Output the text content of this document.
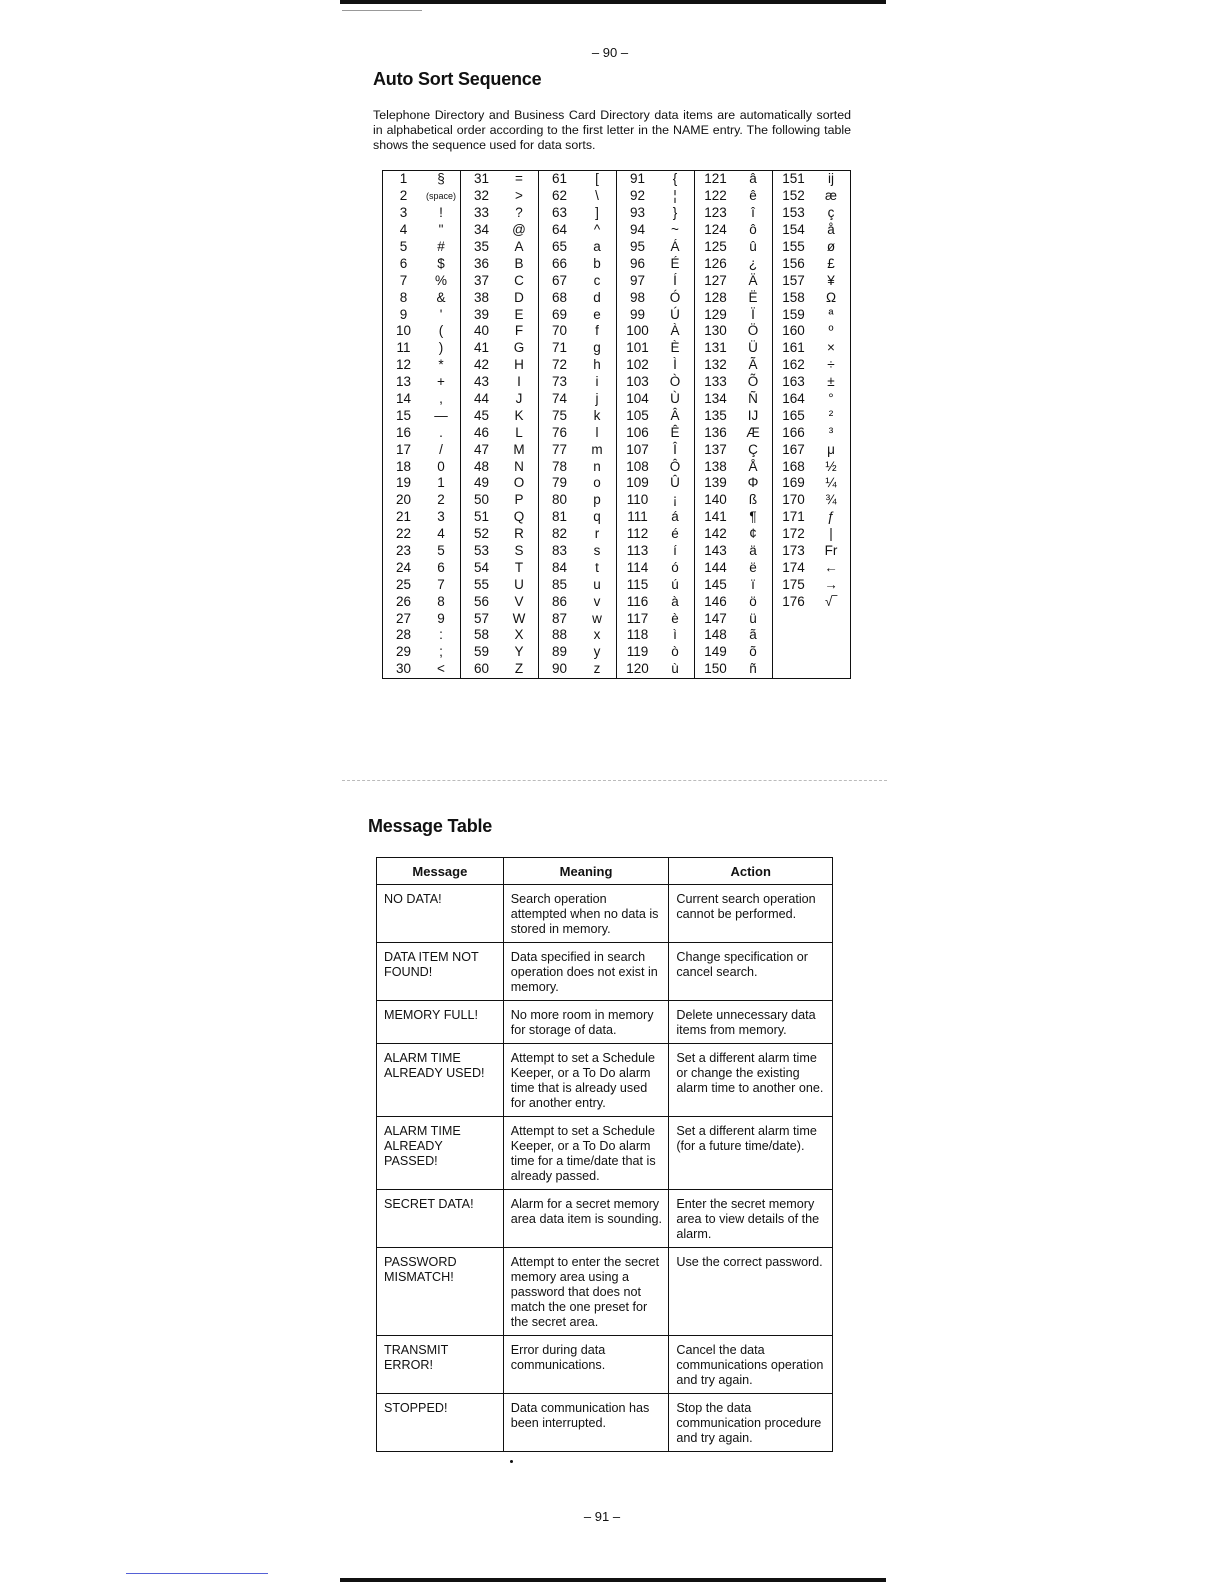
– 90 –
Auto Sort Sequence

Telephone Directory and Business Card Directory data items are automatically sorted in alphabetical order according to the first letter in the NAME entry. The following table shows the sequence used for data sorts.

1	§	31	=	61	[	91	{	121	â	151	ij
2	(space)	32	>	62	\	92	¦	122	ê	152	æ
3	!	33	?	63	]	93	}	123	î	153	ç
4	"	34	@	64	^	94	~	124	ô	154	å
5	#	35	A	65	a	95	Á	125	û	155	ø
6	$	36	B	66	b	96	É	126	¿	156	£
7	%	37	C	67	c	97	Í	127	Ä	157	¥
8	&	38	D	68	d	98	Ó	128	Ë	158	Ω
9	'	39	E	69	e	99	Ú	129	Ï	159	ª
10	(	40	F	70	f	100	À	130	Ö	160	º
11	)	41	G	71	g	101	È	131	Ü	161	×
12	*	42	H	72	h	102	Ì	132	Ã	162	÷
13	+	43	I	73	i	103	Ò	133	Õ	163	±
14	,	44	J	74	j	104	Ù	134	Ñ	164	°
15	—	45	K	75	k	105	Â	135	IJ	165	²
16	.	46	L	76	l	106	Ê	136	Æ	166	³
17	/	47	M	77	m	107	Î	137	Ç	167	μ
18	0	48	N	78	n	108	Ô	138	Å	168	½
19	1	49	O	79	o	109	Û	139	Φ	169	¼
20	2	50	P	80	p	110	¡	140	ß	170	¾
21	3	51	Q	81	q	111	á	141	¶	171	ƒ
22	4	52	R	82	r	112	é	142	¢	172	|
23	5	53	S	83	s	113	í	143	ä	173	Fr
24	6	54	T	84	t	114	ó	144	ë	174	←
25	7	55	U	85	u	115	ú	145	ï	175	→
26	8	56	V	86	v	116	à	146	ö	176	√‾
27	9	57	W	87	w	117	è	147	ü		
28	:	58	X	88	x	118	ì	148	ã		
29	;	59	Y	89	y	119	ò	149	õ		
30	<	60	Z	90	z	120	ù	150	ñ		
Message Table
Message	Meaning	Action
NO DATA!	Search operation attempted when no data is stored in memory.	Current search operation cannot be performed.
DATA ITEM NOT FOUND!	Data specified in search operation does not exist in memory.	Change specification or cancel search.
MEMORY FULL!	No more room in memory for storage of data.	Delete unnecessary data items from memory.
ALARM TIME ALREADY USED!	Attempt to set a Schedule Keeper, or a To Do alarm time that is already used for another entry.	Set a different alarm time or change the existing alarm time to another one.
ALARM TIME ALREADY PASSED!	Attempt to set a Schedule Keeper, or a To Do alarm time for a time/date that is already passed.	Set a different alarm time (for a future time/date).
SECRET DATA!	Alarm for a secret memory area data item is sounding.	Enter the secret memory area to view details of the alarm.
PASSWORD MISMATCH!	Attempt to enter the secret memory area using a password that does not match the one preset for the secret area.	Use the correct password.
TRANSMIT ERROR!	Error during data communications.	Cancel the data communications operation and try again.
STOPPED!	Data communication has been interrupted.	Stop the data communication procedure and try again.
– 91 –
